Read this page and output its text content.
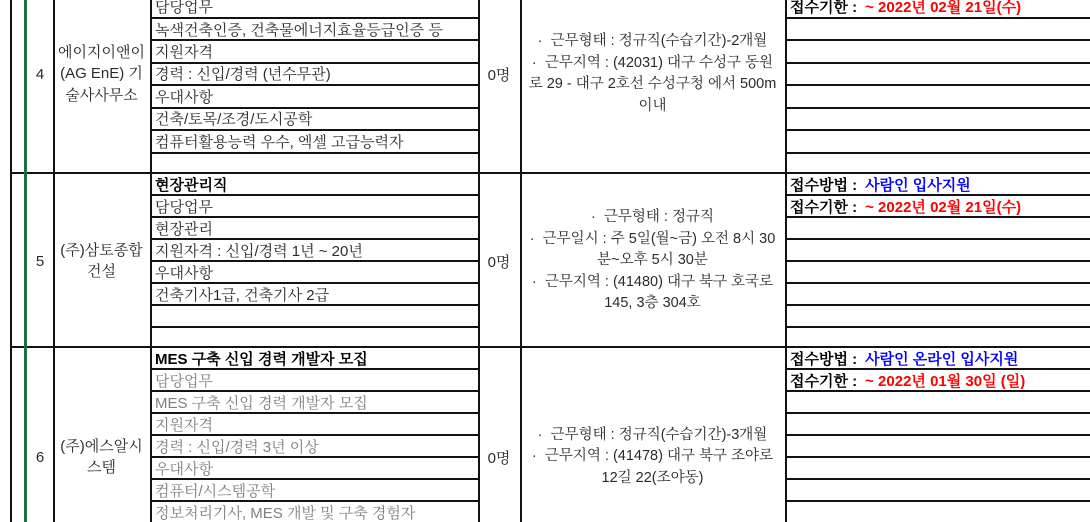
4
에이지이앤이 (AG EnE) 기술사사무소
담당업무
녹색건축인증, 건축물에너지효율등급인증 등
지원자격
경력 : 신입/경력 (년수무관)
우대사항
건축/토목/조경/도시공학
컴퓨터활용능력 우수, 엑셀 고급능력자
0명
· 근무형태 : 정규직(수습기간)-2개월
· 근무지역 : (42031) 대구 수성구 동원로 29 - 대구 2호선 수성구청 에서 500m 이내
접수기한 : ~ 2022년 02월 21일(수)
5
(주)삼토종합건설
현장관리직
담당업무
현장관리
지원자격 : 신입/경력 1년 ~ 20년
우대사항
건축기사1급, 건축기사 2급
0명
· 근무형태 : 정규직
· 근무일시 : 주 5일(월~금) 오전 8시 30분~오후 5시 30분
· 근무지역 : (41480) 대구 북구 호국로 145, 3층 304호
접수방법 : 사람인 입사지원
접수기한 : ~ 2022년 02월 21일(수)
6
(주)에스알시스템
MES 구축 신입 경력 개발자 모집
담당업무
MES 구축 신입 경력 개발자 모집
지원자격
경력 : 신입/경력 3년 이상
우대사항
컴퓨터/시스템공학
정보처리기사, MES 개발 및 구축 경험자
0명
· 근무형태 : 정규직(수습기간)-3개월
· 근무지역 : (41478) 대구 북구 조야로12길 22(조야동)
접수방법 : 사람인 온라인 입사지원
접수기한 : ~ 2022년 01월 30일 (일)
